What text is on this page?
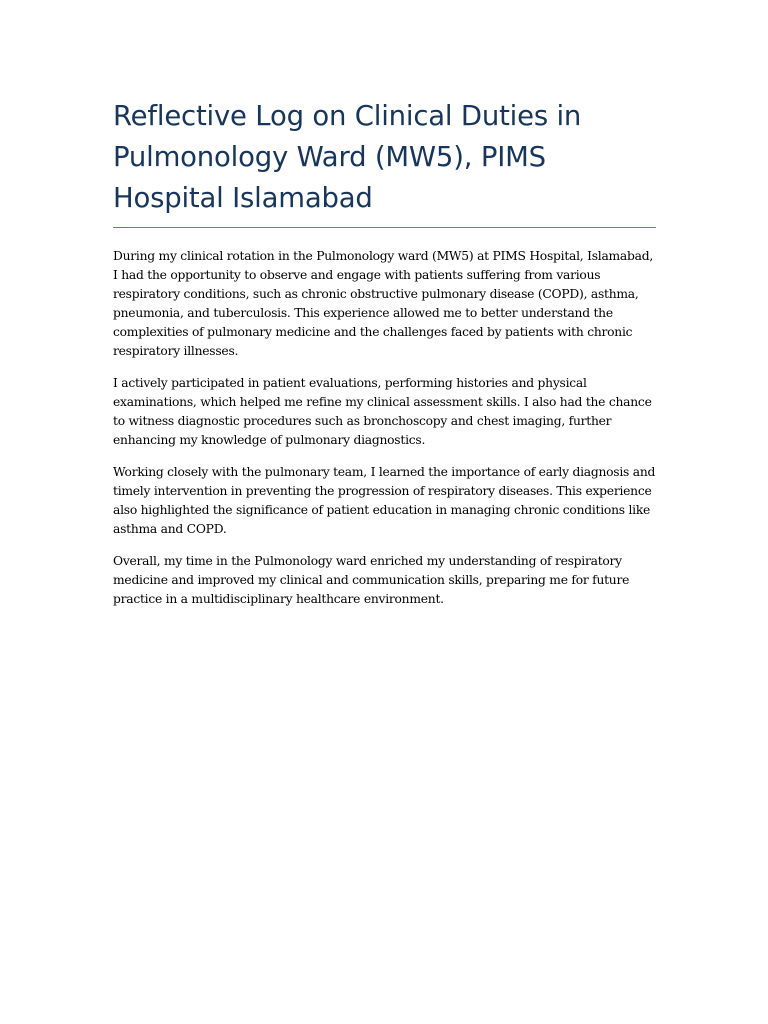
Reflective Log on Clinical Duties in Pulmonology Ward (MW5), PIMS Hospital Islamabad

During my clinical rotation in the Pulmonology ward (MW5) at PIMS Hospital, Islamabad, I had the opportunity to observe and engage with patients suffering from various respiratory conditions, such as chronic obstructive pulmonary disease (COPD), asthma, pneumonia, and tuberculosis. This experience allowed me to better understand the complexities of pulmonary medicine and the challenges faced by patients with chronic respiratory illnesses.

I actively participated in patient evaluations, performing histories and physical examinations, which helped me refine my clinical assessment skills. I also had the chance to witness diagnostic procedures such as bronchoscopy and chest imaging, further enhancing my knowledge of pulmonary diagnostics.

Working closely with the pulmonary team, I learned the importance of early diagnosis and timely intervention in preventing the progression of respiratory diseases. This experience also highlighted the significance of patient education in managing chronic conditions like asthma and COPD.

Overall, my time in the Pulmonology ward enriched my understanding of respiratory medicine and improved my clinical and communication skills, preparing me for future practice in a multidisciplinary healthcare environment.
